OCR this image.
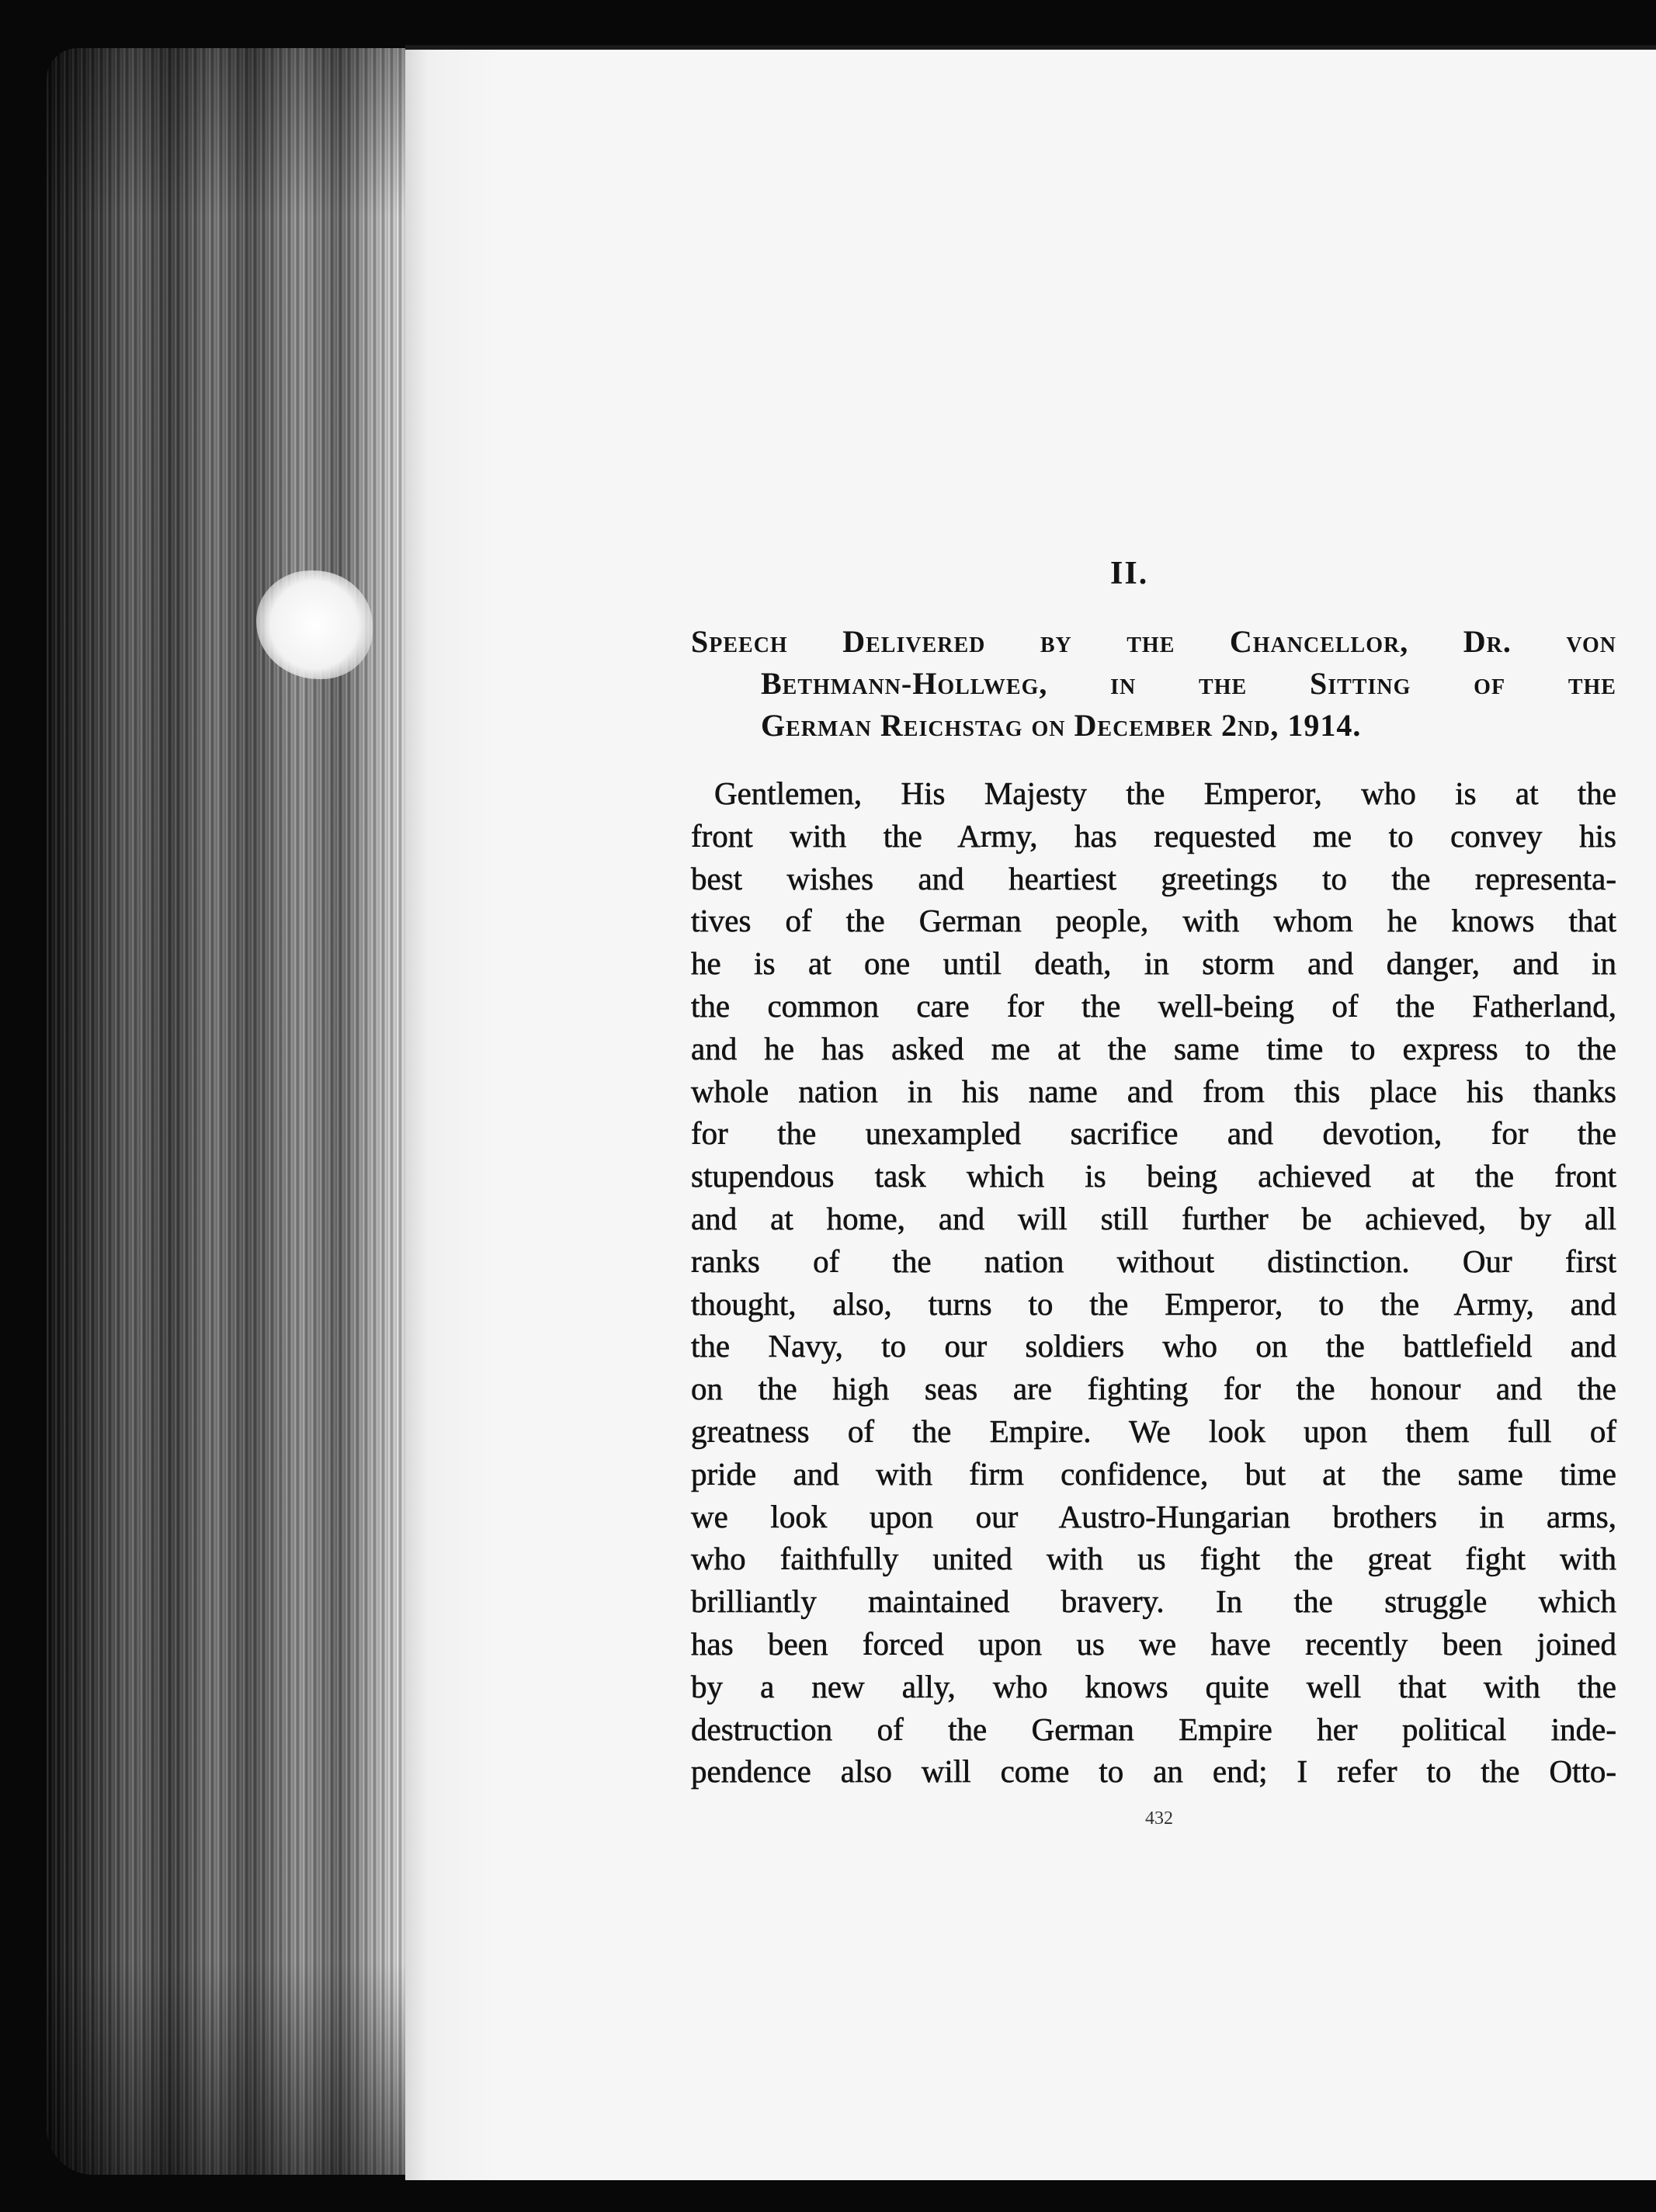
II.
Speech Delivered by the Chancellor, Dr. von
Bethmann-Hollweg, in the Sitting of the
German Reichstag on December 2nd, 1914.
Gentlemen, His Majesty the Emperor, who is at the
front with the Army, has requested me to convey his
best wishes and heartiest greetings to the representa-
tives of the German people, with whom he knows that
he is at one until death, in storm and danger, and in
the common care for the well-being of the Fatherland,
and he has asked me at the same time to express to the
whole nation in his name and from this place his thanks
for the unexampled sacrifice and devotion, for the
stupendous task which is being achieved at the front
and at home, and will still further be achieved, by all
ranks of the nation without distinction. Our first
thought, also, turns to the Emperor, to the Army, and
the Navy, to our soldiers who on the battlefield and
on the high seas are fighting for the honour and the
greatness of the Empire. We look upon them full of
pride and with firm confidence, but at the same time
we look upon our Austro-Hungarian brothers in arms,
who faithfully united with us fight the great fight with
brilliantly maintained bravery. In the struggle which
has been forced upon us we have recently been joined
by a new ally, who knows quite well that with the
destruction of the German Empire her political inde-
pendence also will come to an end; I refer to the Otto-
432
